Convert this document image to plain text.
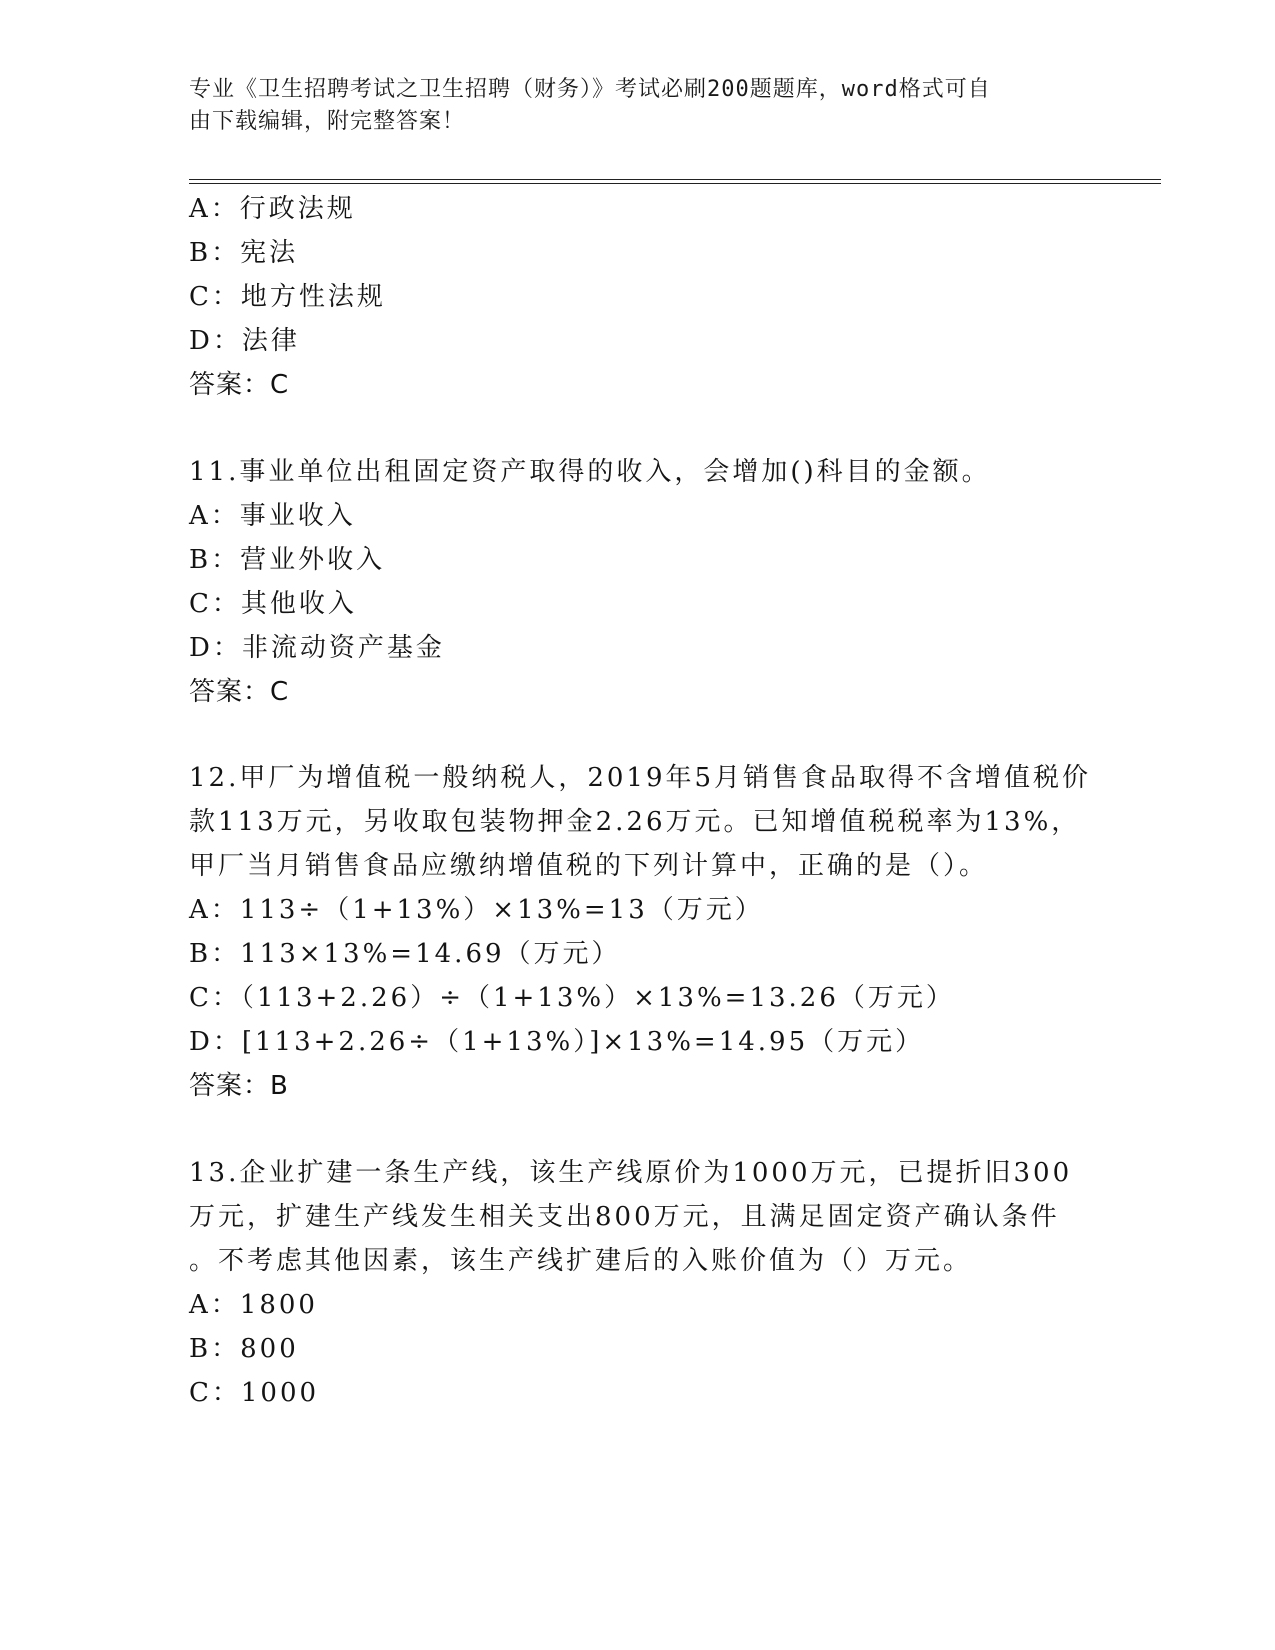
专业《卫生招聘考试之卫生招聘（财务）》考试必刷200题题库，word格式可自
由下载编辑，附完整答案！
A：行政法规
B：宪法
C：地方性法规
D：法律
答案：C
11.事业单位出租固定资产取得的收入，会增加()科目的金额。
A：事业收入
B：营业外收入
C：其他收入
D：非流动资产基金
答案：C
12.甲厂为增值税一般纳税人，2019年5月销售食品取得不含增值税价
款113万元，另收取包装物押金2.26万元。已知增值税税率为13%，
甲厂当月销售食品应缴纳增值税的下列计算中，正确的是（）。
A：113÷（1+13%）×13%=13（万元）
B：113×13%=14.69（万元）
C：（113+2.26）÷（1+13%）×13%=13.26（万元）
D：[113+2.26÷（1+13%）]×13%=14.95（万元）
答案：B
13.企业扩建一条生产线，该生产线原价为1000万元，已提折旧300
万元，扩建生产线发生相关支出800万元，且满足固定资产确认条件
。不考虑其他因素，该生产线扩建后的入账价值为（）万元。
A：1800
B：800
C：1000
